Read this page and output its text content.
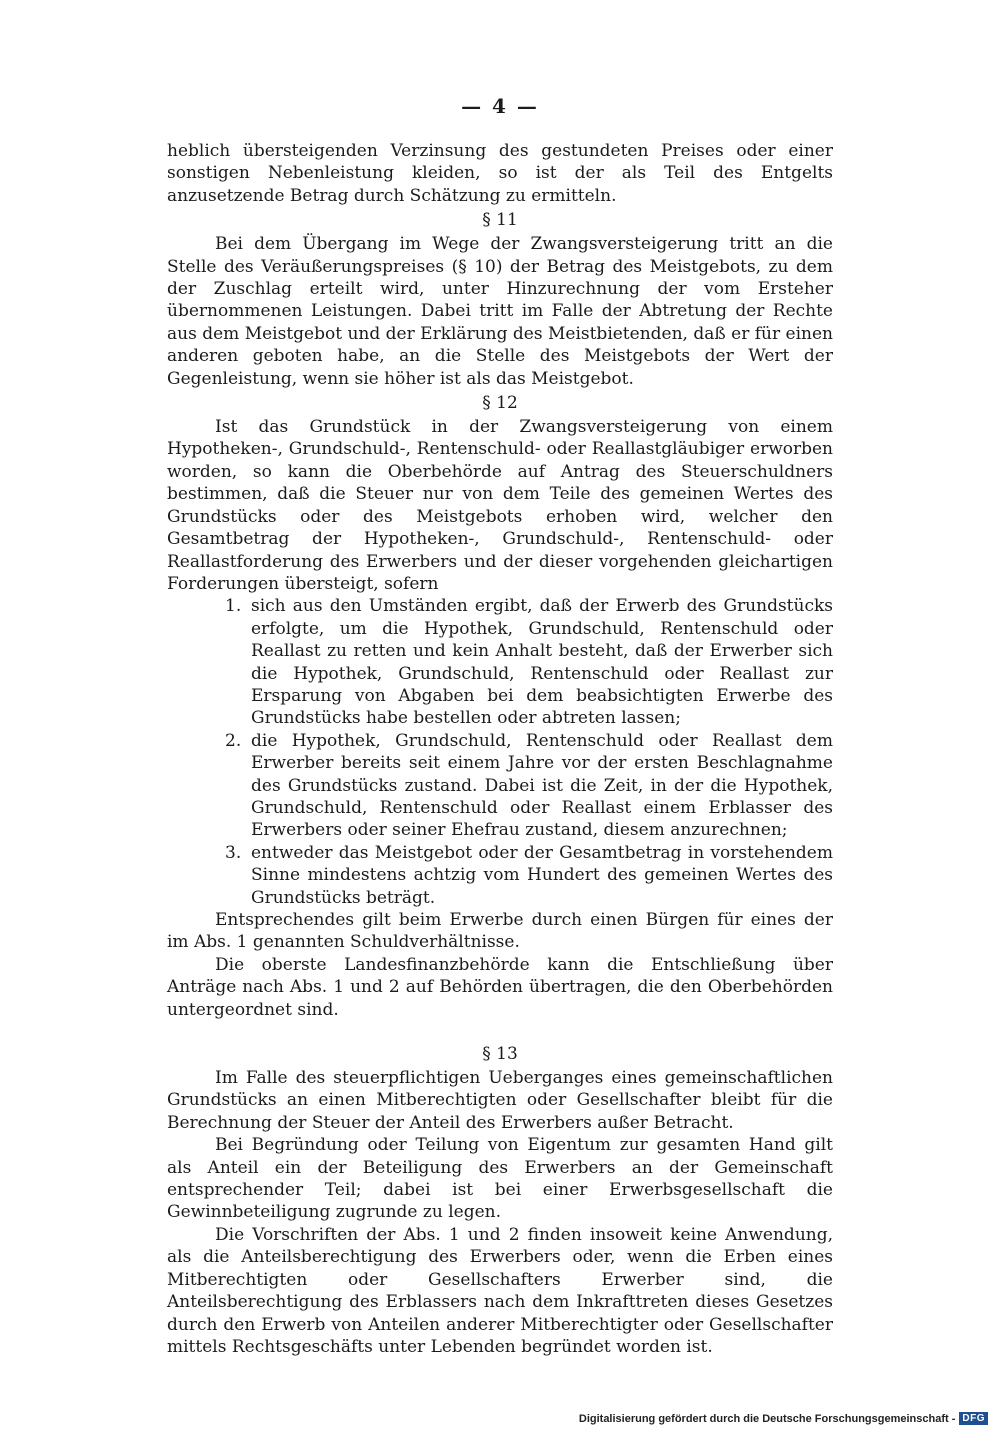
— 4 —

heblich übersteigenden Verzinsung des gestundeten Preises oder einer sonstigen Nebenleistung kleiden, so ist der als Teil des Entgelts anzusetzende Betrag durch Schätzung zu ermitteln.

§ 11

Bei dem Übergang im Wege der Zwangsversteigerung tritt an die Stelle des Veräußerungspreises (§ 10) der Betrag des Meistgebots, zu dem der Zuschlag erteilt wird, unter Hinzurechnung der vom Ersteher übernommenen Leistungen. Dabei tritt im Falle der Abtretung der Rechte aus dem Meistgebot und der Erklärung des Meistbietenden, daß er für einen anderen geboten habe, an die Stelle des Meistgebots der Wert der Gegenleistung, wenn sie höher ist als das Meistgebot.

§ 12

Ist das Grundstück in der Zwangsversteigerung von einem Hypotheken-, Grundschuld-, Rentenschuld- oder Reallastgläubiger erworben worden, so kann die Oberbehörde auf Antrag des Steuerschuldners bestimmen, daß die Steuer nur von dem Teile des gemeinen Wertes des Grundstücks oder des Meistgebots erhoben wird, welcher den Gesamtbetrag der Hypotheken-, Grundschuld-, Rentenschuld- oder Reallastforderung des Erwerbers und der dieser vorgehenden gleichartigen Forderungen übersteigt, sofern

1. sich aus den Umständen ergibt, daß der Erwerb des Grundstücks erfolgte, um die Hypothek, Grundschuld, Rentenschuld oder Reallast zu retten und kein Anhalt besteht, daß der Erwerber sich die Hypothek, Grundschuld, Rentenschuld oder Reallast zur Ersparung von Abgaben bei dem beabsichtigten Erwerbe des Grundstücks habe bestellen oder abtreten lassen;
2. die Hypothek, Grundschuld, Rentenschuld oder Reallast dem Erwerber bereits seit einem Jahre vor der ersten Beschlagnahme des Grundstücks zustand. Dabei ist die Zeit, in der die Hypothek, Grundschuld, Rentenschuld oder Reallast einem Erblasser des Erwerbers oder seiner Ehefrau zustand, diesem anzurechnen;
3. entweder das Meistgebot oder der Gesamtbetrag in vorstehendem Sinne mindestens achtzig vom Hundert des gemeinen Wertes des Grundstücks beträgt.

Entsprechendes gilt beim Erwerbe durch einen Bürgen für eines der im Abs. 1 genannten Schuldverhältnisse.

Die oberste Landesfinanzbehörde kann die Entschließung über Anträge nach Abs. 1 und 2 auf Behörden übertragen, die den Oberbehörden untergeordnet sind.

§ 13

Im Falle des steuerpflichtigen Ueberganges eines gemeinschaftlichen Grundstücks an einen Mitberechtigten oder Gesellschafter bleibt für die Berechnung der Steuer der Anteil des Erwerbers außer Betracht.

Bei Begründung oder Teilung von Eigentum zur gesamten Hand gilt als Anteil ein der Beteiligung des Erwerbers an der Gemeinschaft entsprechender Teil; dabei ist bei einer Erwerbsgesellschaft die Gewinnbeteiligung zugrunde zu legen.

Die Vorschriften der Abs. 1 und 2 finden insoweit keine Anwendung, als die Anteilsberechtigung des Erwerbers oder, wenn die Erben eines Mitberechtigten oder Gesellschafters Erwerber sind, die Anteilsberechtigung des Erblassers nach dem Inkrafttreten dieses Gesetzes durch den Erwerb von Anteilen anderer Mitberechtigter oder Gesellschafter mittels Rechtsgeschäfts unter Lebenden begründet worden ist.

Digitalisierung gefördert durch die Deutsche Forschungsgemeinschaft - DFG
